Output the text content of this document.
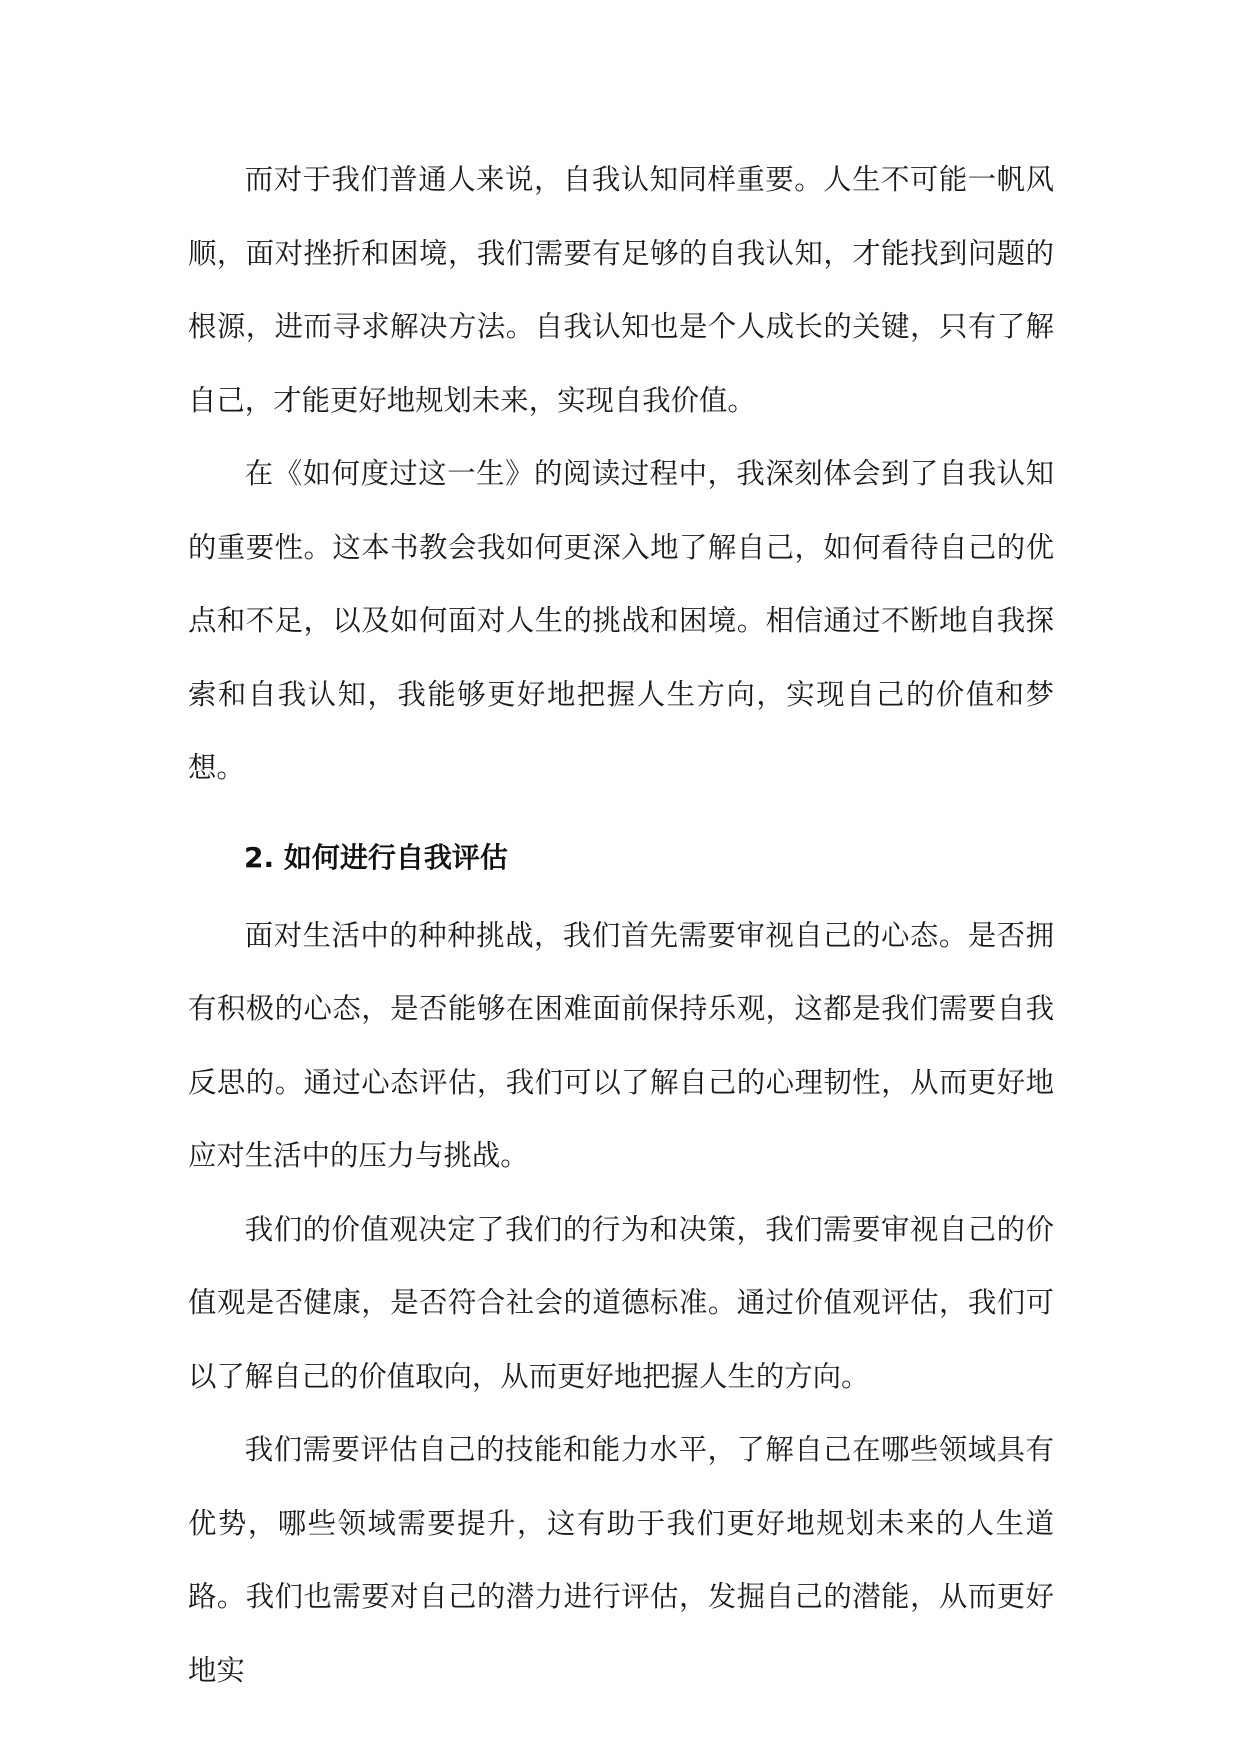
而对于我们普通人来说，自我认知同样重要。人生不可能一帆风顺，面对挫折和困境，我们需要有足够的自我认知，才能找到问题的根源，进而寻求解决方法。自我认知也是个人成长的关键，只有了解自己，才能更好地规划未来，实现自我价值。

在《如何度过这一生》的阅读过程中，我深刻体会到了自我认知的重要性。这本书教会我如何更深入地了解自己，如何看待自己的优点和不足，以及如何面对人生的挑战和困境。相信通过不断地自我探索和自我认知，我能够更好地把握人生方向，实现自己的价值和梦想。

2. 如何进行自我评估

面对生活中的种种挑战，我们首先需要审视自己的心态。是否拥有积极的心态，是否能够在困难面前保持乐观，这都是我们需要自我反思的。通过心态评估，我们可以了解自己的心理韧性，从而更好地应对生活中的压力与挑战。

我们的价值观决定了我们的行为和决策，我们需要审视自己的价值观是否健康，是否符合社会的道德标准。通过价值观评估，我们可以了解自己的价值取向，从而更好地把握人生的方向。

我们需要评估自己的技能和能力水平，了解自己在哪些领域具有优势，哪些领域需要提升，这有助于我们更好地规划未来的人生道路。我们也需要对自己的潜力进行评估，发掘自己的潜能，从而更好地实
